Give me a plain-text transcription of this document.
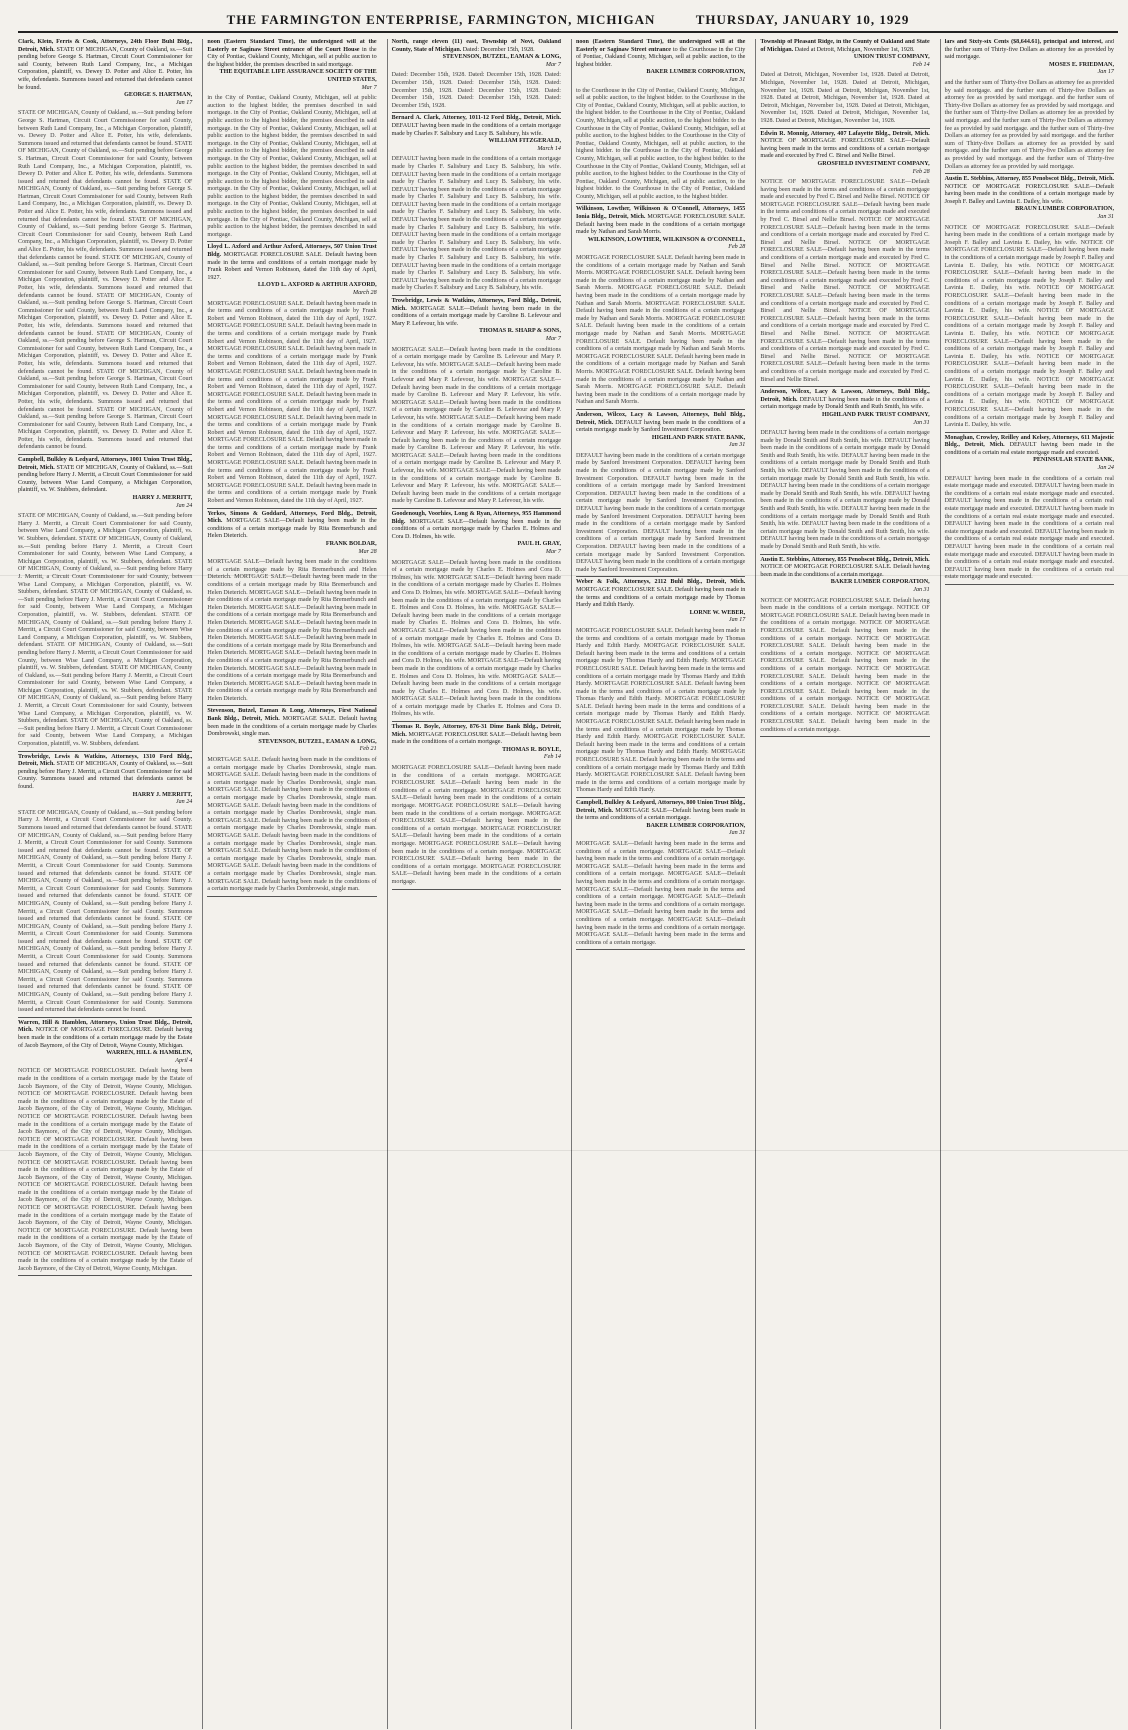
THE FARMINGTON ENTERPRISE, FARMINGTON, MICHIGAN	THURSDAY, JANUARY 10, 1929
Clark, Klein, Ferris & Cook, Attorneys, 24th Floor Buhl Bldg., Detroit, Mich. STATE OF MICHIGAN, County of Oakland, ss.—Suit pending before George S. Hartman, Circuit Court Commissioner for said County, between Ruth Land Company, Inc., a Michigan Corporation, plaintiff, vs. Dewey D. Potter and Alice E. Potter, his wife, defendants. Summons issued and returned that defendants cannot be found.
GEORGE S. HARTMAN,
Jan 17
STATE OF MICHIGAN, County of Oakland, ss.—Suit pending before George S. Hartman, Circuit Court Commissioner for said County, between Ruth Land Company, Inc., a Michigan Corporation, plaintiff, vs. Dewey D. Potter and Alice E. Potter, his wife, defendants. Summons issued and returned that defendants cannot be found. STATE OF MICHIGAN, County of Oakland, ss.—Suit pending before George S. Hartman, Circuit Court Commissioner for said County, between Ruth Land Company, Inc., a Michigan Corporation, plaintiff, vs. Dewey D. Potter and Alice E. Potter, his wife, defendants. Summons issued and returned that defendants cannot be found. STATE OF MICHIGAN, County of Oakland, ss.—Suit pending before George S. Hartman, Circuit Court Commissioner for said County, between Ruth Land Company, Inc., a Michigan Corporation, plaintiff, vs. Dewey D. Potter and Alice E. Potter, his wife, defendants. Summons issued and returned that defendants cannot be found. STATE OF MICHIGAN, County of Oakland, ss.—Suit pending before George S. Hartman, Circuit Court Commissioner for said County, between Ruth Land Company, Inc., a Michigan Corporation, plaintiff, vs. Dewey D. Potter and Alice E. Potter, his wife, defendants. Summons issued and returned that defendants cannot be found. STATE OF MICHIGAN, County of Oakland, ss.—Suit pending before George S. Hartman, Circuit Court Commissioner for said County, between Ruth Land Company, Inc., a Michigan Corporation, plaintiff, vs. Dewey D. Potter and Alice E. Potter, his wife, defendants. Summons issued and returned that defendants cannot be found. STATE OF MICHIGAN, County of Oakland, ss.—Suit pending before George S. Hartman, Circuit Court Commissioner for said County, between Ruth Land Company, Inc., a Michigan Corporation, plaintiff, vs. Dewey D. Potter and Alice E. Potter, his wife, defendants. Summons issued and returned that defendants cannot be found. STATE OF MICHIGAN, County of Oakland, ss.—Suit pending before George S. Hartman, Circuit Court Commissioner for said County, between Ruth Land Company, Inc., a Michigan Corporation, plaintiff, vs. Dewey D. Potter and Alice E. Potter, his wife, defendants. Summons issued and returned that defendants cannot be found. STATE OF MICHIGAN, County of Oakland, ss.—Suit pending before George S. Hartman, Circuit Court Commissioner for said County, between Ruth Land Company, Inc., a Michigan Corporation, plaintiff, vs. Dewey D. Potter and Alice E. Potter, his wife, defendants. Summons issued and returned that defendants cannot be found. STATE OF MICHIGAN, County of Oakland, ss.—Suit pending before George S. Hartman, Circuit Court Commissioner for said County, between Ruth Land Company, Inc., a Michigan Corporation, plaintiff, vs. Dewey D. Potter and Alice E. Potter, his wife, defendants. Summons issued and returned that defendants cannot be found.
Campbell, Bulkley & Ledyard, Attorneys, 1001 Union Trust Bldg., Detroit, Mich. STATE OF MICHIGAN, County of Oakland, ss.—Suit pending before Harry J. Merritt, a Circuit Court Commissioner for said County, between Wise Land Company, a Michigan Corporation, plaintiff, vs. W. Stubbers, defendant.
HARRY J. MERRITT,
Jan 24
STATE OF MICHIGAN, County of Oakland, ss.—Suit pending before Harry J. Merritt, a Circuit Court Commissioner for said County, between Wise Land Company, a Michigan Corporation, plaintiff, vs. W. Stubbers, defendant. STATE OF MICHIGAN, County of Oakland, ss.—Suit pending before Harry J. Merritt, a Circuit Court Commissioner for said County, between Wise Land Company, a Michigan Corporation, plaintiff, vs. W. Stubbers, defendant. STATE OF MICHIGAN, County of Oakland, ss.—Suit pending before Harry J. Merritt, a Circuit Court Commissioner for said County, between Wise Land Company, a Michigan Corporation, plaintiff, vs. W. Stubbers, defendant. STATE OF MICHIGAN, County of Oakland, ss.—Suit pending before Harry J. Merritt, a Circuit Court Commissioner for said County, between Wise Land Company, a Michigan Corporation, plaintiff, vs. W. Stubbers, defendant. STATE OF MICHIGAN, County of Oakland, ss.—Suit pending before Harry J. Merritt, a Circuit Court Commissioner for said County, between Wise Land Company, a Michigan Corporation, plaintiff, vs. W. Stubbers, defendant. STATE OF MICHIGAN, County of Oakland, ss.—Suit pending before Harry J. Merritt, a Circuit Court Commissioner for said County, between Wise Land Company, a Michigan Corporation, plaintiff, vs. W. Stubbers, defendant. STATE OF MICHIGAN, County of Oakland, ss.—Suit pending before Harry J. Merritt, a Circuit Court Commissioner for said County, between Wise Land Company, a Michigan Corporation, plaintiff, vs. W. Stubbers, defendant. STATE OF MICHIGAN, County of Oakland, ss.—Suit pending before Harry J. Merritt, a Circuit Court Commissioner for said County, between Wise Land Company, a Michigan Corporation, plaintiff, vs. W. Stubbers, defendant. STATE OF MICHIGAN, County of Oakland, ss.—Suit pending before Harry J. Merritt, a Circuit Court Commissioner for said County, between Wise Land Company, a Michigan Corporation, plaintiff, vs. W. Stubbers, defendant.
Trowbridge, Lewis & Watkins, Attorneys, 1310 Ford Bldg., Detroit, Mich. STATE OF MICHIGAN, County of Oakland, ss.—Suit pending before Harry J. Merritt, a Circuit Court Commissioner for said County. Summons issued and returned that defendants cannot be found.
HARRY J. MERRITT,
Jan 24
STATE OF MICHIGAN, County of Oakland, ss.—Suit pending before Harry J. Merritt, a Circuit Court Commissioner for said County. Summons issued and returned that defendants cannot be found. STATE OF MICHIGAN, County of Oakland, ss.—Suit pending before Harry J. Merritt, a Circuit Court Commissioner for said County. Summons issued and returned that defendants cannot be found. STATE OF MICHIGAN, County of Oakland, ss.—Suit pending before Harry J. Merritt, a Circuit Court Commissioner for said County. Summons issued and returned that defendants cannot be found. STATE OF MICHIGAN, County of Oakland, ss.—Suit pending before Harry J. Merritt, a Circuit Court Commissioner for said County. Summons issued and returned that defendants cannot be found. STATE OF MICHIGAN, County of Oakland, ss.—Suit pending before Harry J. Merritt, a Circuit Court Commissioner for said County. Summons issued and returned that defendants cannot be found. STATE OF MICHIGAN, County of Oakland, ss.—Suit pending before Harry J. Merritt, a Circuit Court Commissioner for said County. Summons issued and returned that defendants cannot be found. STATE OF MICHIGAN, County of Oakland, ss.—Suit pending before Harry J. Merritt, a Circuit Court Commissioner for said County. Summons issued and returned that defendants cannot be found. STATE OF MICHIGAN, County of Oakland, ss.—Suit pending before Harry J. Merritt, a Circuit Court Commissioner for said County. Summons issued and returned that defendants cannot be found. STATE OF MICHIGAN, County of Oakland, ss.—Suit pending before Harry J. Merritt, a Circuit Court Commissioner for said County. Summons issued and returned that defendants cannot be found.
Warren, Hill & Hamblen, Attorneys, Union Trust Bldg., Detroit, Mich. NOTICE OF MORTGAGE FORECLOSURE. Default having been made in the conditions of a certain mortgage made by the Estate of Jacob Baymore, of the City of Detroit, Wayne County, Michigan.
WARREN, HILL & HAMBLEN,
April 4
NOTICE OF MORTGAGE FORECLOSURE. Default having been made in the conditions of a certain mortgage made by the Estate of Jacob Baymore, of the City of Detroit, Wayne County, Michigan. NOTICE OF MORTGAGE FORECLOSURE. Default having been made in the conditions of a certain mortgage made by the Estate of Jacob Baymore, of the City of Detroit, Wayne County, Michigan. NOTICE OF MORTGAGE FORECLOSURE. Default having been made in the conditions of a certain mortgage made by the Estate of Jacob Baymore, of the City of Detroit, Wayne County, Michigan. NOTICE OF MORTGAGE FORECLOSURE. Default having been made in the conditions of a certain mortgage made by the Estate of Jacob Baymore, of the City of Detroit, Wayne County, Michigan. NOTICE OF MORTGAGE FORECLOSURE. Default having been made in the conditions of a certain mortgage made by the Estate of Jacob Baymore, of the City of Detroit, Wayne County, Michigan. NOTICE OF MORTGAGE FORECLOSURE. Default having been made in the conditions of a certain mortgage made by the Estate of Jacob Baymore, of the City of Detroit, Wayne County, Michigan. NOTICE OF MORTGAGE FORECLOSURE. Default having been made in the conditions of a certain mortgage made by the Estate of Jacob Baymore, of the City of Detroit, Wayne County, Michigan. NOTICE OF MORTGAGE FORECLOSURE. Default having been made in the conditions of a certain mortgage made by the Estate of Jacob Baymore, of the City of Detroit, Wayne County, Michigan. NOTICE OF MORTGAGE FORECLOSURE. Default having been made in the conditions of a certain mortgage made by the Estate of Jacob Baymore, of the City of Detroit, Wayne County, Michigan.
noon (Eastern Standard Time), the undersigned will at the Easterly or Saginaw Street entrance of the Court House in the City of Pontiac, Oakland County, Michigan, sell at public auction to the highest bidder, the premises described in said mortgage.
THE EQUITABLE LIFE ASSURANCE SOCIETY OF THE UNITED STATES,
Mar 7
in the City of Pontiac, Oakland County, Michigan, sell at public auction to the highest bidder, the premises described in said mortgage. in the City of Pontiac, Oakland County, Michigan, sell at public auction to the highest bidder, the premises described in said mortgage. in the City of Pontiac, Oakland County, Michigan, sell at public auction to the highest bidder, the premises described in said mortgage. in the City of Pontiac, Oakland County, Michigan, sell at public auction to the highest bidder, the premises described in said mortgage. in the City of Pontiac, Oakland County, Michigan, sell at public auction to the highest bidder, the premises described in said mortgage. in the City of Pontiac, Oakland County, Michigan, sell at public auction to the highest bidder, the premises described in said mortgage. in the City of Pontiac, Oakland County, Michigan, sell at public auction to the highest bidder, the premises described in said mortgage. in the City of Pontiac, Oakland County, Michigan, sell at public auction to the highest bidder, the premises described in said mortgage. in the City of Pontiac, Oakland County, Michigan, sell at public auction to the highest bidder, the premises described in said mortgage.
Lloyd L. Axford and Arthur Axford, Attorneys, 507 Union Trust Bldg. MORTGAGE FORECLOSURE SALE. Default having been made in the terms and conditions of a certain mortgage made by Frank Robert and Vernon Robinson, dated the 11th day of April, 1927.
LLOYD L. AXFORD & ARTHUR AXFORD,
March 28
MORTGAGE FORECLOSURE SALE. Default having been made in the terms and conditions of a certain mortgage made by Frank Robert and Vernon Robinson, dated the 11th day of April, 1927. MORTGAGE FORECLOSURE SALE. Default having been made in the terms and conditions of a certain mortgage made by Frank Robert and Vernon Robinson, dated the 11th day of April, 1927. MORTGAGE FORECLOSURE SALE. Default having been made in the terms and conditions of a certain mortgage made by Frank Robert and Vernon Robinson, dated the 11th day of April, 1927. MORTGAGE FORECLOSURE SALE. Default having been made in the terms and conditions of a certain mortgage made by Frank Robert and Vernon Robinson, dated the 11th day of April, 1927. MORTGAGE FORECLOSURE SALE. Default having been made in the terms and conditions of a certain mortgage made by Frank Robert and Vernon Robinson, dated the 11th day of April, 1927. MORTGAGE FORECLOSURE SALE. Default having been made in the terms and conditions of a certain mortgage made by Frank Robert and Vernon Robinson, dated the 11th day of April, 1927. MORTGAGE FORECLOSURE SALE. Default having been made in the terms and conditions of a certain mortgage made by Frank Robert and Vernon Robinson, dated the 11th day of April, 1927. MORTGAGE FORECLOSURE SALE. Default having been made in the terms and conditions of a certain mortgage made by Frank Robert and Vernon Robinson, dated the 11th day of April, 1927. MORTGAGE FORECLOSURE SALE. Default having been made in the terms and conditions of a certain mortgage made by Frank Robert and Vernon Robinson, dated the 11th day of April, 1927.
Yerkes, Simons & Goddard, Attorneys, Ford Bldg., Detroit, Mich. MORTGAGE SALE—Default having been made in the conditions of a certain mortgage made by Rita Bremerbunch and Helen Dieterich.
FRANK BOLDAR,
Mar 28
MORTGAGE SALE—Default having been made in the conditions of a certain mortgage made by Rita Bremerbunch and Helen Dieterich. MORTGAGE SALE—Default having been made in the conditions of a certain mortgage made by Rita Bremerbunch and Helen Dieterich. MORTGAGE SALE—Default having been made in the conditions of a certain mortgage made by Rita Bremerbunch and Helen Dieterich. MORTGAGE SALE—Default having been made in the conditions of a certain mortgage made by Rita Bremerbunch and Helen Dieterich. MORTGAGE SALE—Default having been made in the conditions of a certain mortgage made by Rita Bremerbunch and Helen Dieterich. MORTGAGE SALE—Default having been made in the conditions of a certain mortgage made by Rita Bremerbunch and Helen Dieterich. MORTGAGE SALE—Default having been made in the conditions of a certain mortgage made by Rita Bremerbunch and Helen Dieterich. MORTGAGE SALE—Default having been made in the conditions of a certain mortgage made by Rita Bremerbunch and Helen Dieterich. MORTGAGE SALE—Default having been made in the conditions of a certain mortgage made by Rita Bremerbunch and Helen Dieterich.
Stevenson, Butzel, Eaman & Long, Attorneys, First National Bank Bldg., Detroit, Mich. MORTGAGE SALE. Default having been made in the conditions of a certain mortgage made by Charles Dombrowski, single man.
STEVENSON, BUTZEL, EAMAN & LONG,
Feb 21
MORTGAGE SALE. Default having been made in the conditions of a certain mortgage made by Charles Dombrowski, single man. MORTGAGE SALE. Default having been made in the conditions of a certain mortgage made by Charles Dombrowski, single man. MORTGAGE SALE. Default having been made in the conditions of a certain mortgage made by Charles Dombrowski, single man. MORTGAGE SALE. Default having been made in the conditions of a certain mortgage made by Charles Dombrowski, single man. MORTGAGE SALE. Default having been made in the conditions of a certain mortgage made by Charles Dombrowski, single man. MORTGAGE SALE. Default having been made in the conditions of a certain mortgage made by Charles Dombrowski, single man. MORTGAGE SALE. Default having been made in the conditions of a certain mortgage made by Charles Dombrowski, single man. MORTGAGE SALE. Default having been made in the conditions of a certain mortgage made by Charles Dombrowski, single man. MORTGAGE SALE. Default having been made in the conditions of a certain mortgage made by Charles Dombrowski, single man.
North, range eleven (11) east, Township of Novi, Oakland County, State of Michigan. Dated: December 15th, 1928.
STEVENSON, BUTZEL, EAMAN & LONG,
Mar 7
Dated: December 15th, 1928. Dated: December 15th, 1928. Dated: December 15th, 1928. Dated: December 15th, 1928. Dated: December 15th, 1928. Dated: December 15th, 1928. Dated: December 15th, 1928. Dated: December 15th, 1928. Dated: December 15th, 1928.
Bernard A. Clark, Attorney, 1011-12 Ford Bldg., Detroit, Mich. DEFAULT having been made in the conditions of a certain mortgage made by Charles F. Salisbury and Lucy B. Salisbury, his wife.
WILLIAM FITZGERALD,
March 14
DEFAULT having been made in the conditions of a certain mortgage made by Charles F. Salisbury and Lucy B. Salisbury, his wife. DEFAULT having been made in the conditions of a certain mortgage made by Charles F. Salisbury and Lucy B. Salisbury, his wife. DEFAULT having been made in the conditions of a certain mortgage made by Charles F. Salisbury and Lucy B. Salisbury, his wife. DEFAULT having been made in the conditions of a certain mortgage made by Charles F. Salisbury and Lucy B. Salisbury, his wife. DEFAULT having been made in the conditions of a certain mortgage made by Charles F. Salisbury and Lucy B. Salisbury, his wife. DEFAULT having been made in the conditions of a certain mortgage made by Charles F. Salisbury and Lucy B. Salisbury, his wife. DEFAULT having been made in the conditions of a certain mortgage made by Charles F. Salisbury and Lucy B. Salisbury, his wife. DEFAULT having been made in the conditions of a certain mortgage made by Charles F. Salisbury and Lucy B. Salisbury, his wife. DEFAULT having been made in the conditions of a certain mortgage made by Charles F. Salisbury and Lucy B. Salisbury, his wife.
Trowbridge, Lewis & Watkins, Attorneys, Ford Bldg., Detroit, Mich. MORTGAGE SALE—Default having been made in the conditions of a certain mortgage made by Caroline B. Lefevour and Mary P. Lefevour, his wife.
THOMAS R. SHARP & SONS,
Mar 7
MORTGAGE SALE—Default having been made in the conditions of a certain mortgage made by Caroline B. Lefevour and Mary P. Lefevour, his wife. MORTGAGE SALE—Default having been made in the conditions of a certain mortgage made by Caroline B. Lefevour and Mary P. Lefevour, his wife. MORTGAGE SALE—Default having been made in the conditions of a certain mortgage made by Caroline B. Lefevour and Mary P. Lefevour, his wife. MORTGAGE SALE—Default having been made in the conditions of a certain mortgage made by Caroline B. Lefevour and Mary P. Lefevour, his wife. MORTGAGE SALE—Default having been made in the conditions of a certain mortgage made by Caroline B. Lefevour and Mary P. Lefevour, his wife. MORTGAGE SALE—Default having been made in the conditions of a certain mortgage made by Caroline B. Lefevour and Mary P. Lefevour, his wife. MORTGAGE SALE—Default having been made in the conditions of a certain mortgage made by Caroline B. Lefevour and Mary P. Lefevour, his wife. MORTGAGE SALE—Default having been made in the conditions of a certain mortgage made by Caroline B. Lefevour and Mary P. Lefevour, his wife. MORTGAGE SALE—Default having been made in the conditions of a certain mortgage made by Caroline B. Lefevour and Mary P. Lefevour, his wife.
Goodenough, Voorhies, Long & Ryan, Attorneys, 955 Hammond Bldg. MORTGAGE SALE—Default having been made in the conditions of a certain mortgage made by Charles E. Holmes and Cora D. Holmes, his wife.
PAUL H. GRAY,
Mar 7
MORTGAGE SALE—Default having been made in the conditions of a certain mortgage made by Charles E. Holmes and Cora D. Holmes, his wife. MORTGAGE SALE—Default having been made in the conditions of a certain mortgage made by Charles E. Holmes and Cora D. Holmes, his wife. MORTGAGE SALE—Default having been made in the conditions of a certain mortgage made by Charles E. Holmes and Cora D. Holmes, his wife. MORTGAGE SALE—Default having been made in the conditions of a certain mortgage made by Charles E. Holmes and Cora D. Holmes, his wife. MORTGAGE SALE—Default having been made in the conditions of a certain mortgage made by Charles E. Holmes and Cora D. Holmes, his wife. MORTGAGE SALE—Default having been made in the conditions of a certain mortgage made by Charles E. Holmes and Cora D. Holmes, his wife. MORTGAGE SALE—Default having been made in the conditions of a certain mortgage made by Charles E. Holmes and Cora D. Holmes, his wife. MORTGAGE SALE—Default having been made in the conditions of a certain mortgage made by Charles E. Holmes and Cora D. Holmes, his wife. MORTGAGE SALE—Default having been made in the conditions of a certain mortgage made by Charles E. Holmes and Cora D. Holmes, his wife.
Thomas R. Boyle, Attorney, 876-31 Dime Bank Bldg., Detroit, Mich. MORTGAGE FORECLOSURE SALE—Default having been made in the conditions of a certain mortgage.
THOMAS R. BOYLE,
Feb 14
MORTGAGE FORECLOSURE SALE—Default having been made in the conditions of a certain mortgage. MORTGAGE FORECLOSURE SALE—Default having been made in the conditions of a certain mortgage. MORTGAGE FORECLOSURE SALE—Default having been made in the conditions of a certain mortgage. MORTGAGE FORECLOSURE SALE—Default having been made in the conditions of a certain mortgage. MORTGAGE FORECLOSURE SALE—Default having been made in the conditions of a certain mortgage. MORTGAGE FORECLOSURE SALE—Default having been made in the conditions of a certain mortgage. MORTGAGE FORECLOSURE SALE—Default having been made in the conditions of a certain mortgage. MORTGAGE FORECLOSURE SALE—Default having been made in the conditions of a certain mortgage. MORTGAGE FORECLOSURE SALE—Default having been made in the conditions of a certain mortgage.
noon (Eastern Standard Time), the undersigned will at the Easterly or Saginaw Street entrance to the Courthouse in the City of Pontiac, Oakland County, Michigan, sell at public auction, to the highest bidder.
BAKER LUMBER CORPORATION,
Jan 31
to the Courthouse in the City of Pontiac, Oakland County, Michigan, sell at public auction, to the highest bidder. to the Courthouse in the City of Pontiac, Oakland County, Michigan, sell at public auction, to the highest bidder. to the Courthouse in the City of Pontiac, Oakland County, Michigan, sell at public auction, to the highest bidder. to the Courthouse in the City of Pontiac, Oakland County, Michigan, sell at public auction, to the highest bidder. to the Courthouse in the City of Pontiac, Oakland County, Michigan, sell at public auction, to the highest bidder. to the Courthouse in the City of Pontiac, Oakland County, Michigan, sell at public auction, to the highest bidder. to the Courthouse in the City of Pontiac, Oakland County, Michigan, sell at public auction, to the highest bidder. to the Courthouse in the City of Pontiac, Oakland County, Michigan, sell at public auction, to the highest bidder. to the Courthouse in the City of Pontiac, Oakland County, Michigan, sell at public auction, to the highest bidder.
Wilkinson, Lowther, Wilkinson & O'Connell, Attorneys, 1455 Ionia Bldg., Detroit, Mich. MORTGAGE FORECLOSURE SALE. Default having been made in the conditions of a certain mortgage made by Nathan and Sarah Morris.
WILKINSON, LOWTHER, WILKINSON & O'CONNELL,
Feb 28
MORTGAGE FORECLOSURE SALE. Default having been made in the conditions of a certain mortgage made by Nathan and Sarah Morris. MORTGAGE FORECLOSURE SALE. Default having been made in the conditions of a certain mortgage made by Nathan and Sarah Morris. MORTGAGE FORECLOSURE SALE. Default having been made in the conditions of a certain mortgage made by Nathan and Sarah Morris. MORTGAGE FORECLOSURE SALE. Default having been made in the conditions of a certain mortgage made by Nathan and Sarah Morris. MORTGAGE FORECLOSURE SALE. Default having been made in the conditions of a certain mortgage made by Nathan and Sarah Morris. MORTGAGE FORECLOSURE SALE. Default having been made in the conditions of a certain mortgage made by Nathan and Sarah Morris. MORTGAGE FORECLOSURE SALE. Default having been made in the conditions of a certain mortgage made by Nathan and Sarah Morris. MORTGAGE FORECLOSURE SALE. Default having been made in the conditions of a certain mortgage made by Nathan and Sarah Morris. MORTGAGE FORECLOSURE SALE. Default having been made in the conditions of a certain mortgage made by Nathan and Sarah Morris.
Anderson, Wilcox, Lacy & Lawson, Attorneys, Buhl Bldg., Detroit, Mich. DEFAULT having been made in the conditions of a certain mortgage made by Sanford Investment Corporation.
HIGHLAND PARK STATE BANK,
Jan 31
DEFAULT having been made in the conditions of a certain mortgage made by Sanford Investment Corporation. DEFAULT having been made in the conditions of a certain mortgage made by Sanford Investment Corporation. DEFAULT having been made in the conditions of a certain mortgage made by Sanford Investment Corporation. DEFAULT having been made in the conditions of a certain mortgage made by Sanford Investment Corporation. DEFAULT having been made in the conditions of a certain mortgage made by Sanford Investment Corporation. DEFAULT having been made in the conditions of a certain mortgage made by Sanford Investment Corporation. DEFAULT having been made in the conditions of a certain mortgage made by Sanford Investment Corporation. DEFAULT having been made in the conditions of a certain mortgage made by Sanford Investment Corporation. DEFAULT having been made in the conditions of a certain mortgage made by Sanford Investment Corporation.
Weber & Folk, Attorneys, 2112 Buhl Bldg., Detroit, Mich. MORTGAGE FORECLOSURE SALE. Default having been made in the terms and conditions of a certain mortgage made by Thomas Hardy and Edith Hardy.
LORNE W. WEBER,
Jan 17
MORTGAGE FORECLOSURE SALE. Default having been made in the terms and conditions of a certain mortgage made by Thomas Hardy and Edith Hardy. MORTGAGE FORECLOSURE SALE. Default having been made in the terms and conditions of a certain mortgage made by Thomas Hardy and Edith Hardy. MORTGAGE FORECLOSURE SALE. Default having been made in the terms and conditions of a certain mortgage made by Thomas Hardy and Edith Hardy. MORTGAGE FORECLOSURE SALE. Default having been made in the terms and conditions of a certain mortgage made by Thomas Hardy and Edith Hardy. MORTGAGE FORECLOSURE SALE. Default having been made in the terms and conditions of a certain mortgage made by Thomas Hardy and Edith Hardy. MORTGAGE FORECLOSURE SALE. Default having been made in the terms and conditions of a certain mortgage made by Thomas Hardy and Edith Hardy. MORTGAGE FORECLOSURE SALE. Default having been made in the terms and conditions of a certain mortgage made by Thomas Hardy and Edith Hardy. MORTGAGE FORECLOSURE SALE. Default having been made in the terms and conditions of a certain mortgage made by Thomas Hardy and Edith Hardy. MORTGAGE FORECLOSURE SALE. Default having been made in the terms and conditions of a certain mortgage made by Thomas Hardy and Edith Hardy.
Campbell, Bulkley & Ledyard, Attorneys, 800 Union Trust Bldg., Detroit, Mich. MORTGAGE SALE—Default having been made in the terms and conditions of a certain mortgage.
BAKER LUMBER CORPORATION,
Jan 31
MORTGAGE SALE—Default having been made in the terms and conditions of a certain mortgage. MORTGAGE SALE—Default having been made in the terms and conditions of a certain mortgage. MORTGAGE SALE—Default having been made in the terms and conditions of a certain mortgage. MORTGAGE SALE—Default having been made in the terms and conditions of a certain mortgage. MORTGAGE SALE—Default having been made in the terms and conditions of a certain mortgage. MORTGAGE SALE—Default having been made in the terms and conditions of a certain mortgage. MORTGAGE SALE—Default having been made in the terms and conditions of a certain mortgage. MORTGAGE SALE—Default having been made in the terms and conditions of a certain mortgage. MORTGAGE SALE—Default having been made in the terms and conditions of a certain mortgage.
Township of Pleasant Ridge, in the County of Oakland and State of Michigan. Dated at Detroit, Michigan, November 1st, 1928.
UNION TRUST COMPANY,
Feb 14
Dated at Detroit, Michigan, November 1st, 1928. Dated at Detroit, Michigan, November 1st, 1928. Dated at Detroit, Michigan, November 1st, 1928. Dated at Detroit, Michigan, November 1st, 1928. Dated at Detroit, Michigan, November 1st, 1928. Dated at Detroit, Michigan, November 1st, 1928. Dated at Detroit, Michigan, November 1st, 1928. Dated at Detroit, Michigan, November 1st, 1928. Dated at Detroit, Michigan, November 1st, 1928.
Edwin R. Monnig, Attorney, 407 Lafayette Bldg., Detroit, Mich. NOTICE OF MORTGAGE FORECLOSURE SALE—Default having been made in the terms and conditions of a certain mortgage made and executed by Fred C. Birsel and Nellie Birsel.
GROSFIELD INVESTMENT COMPANY,
Feb 28
NOTICE OF MORTGAGE FORECLOSURE SALE—Default having been made in the terms and conditions of a certain mortgage made and executed by Fred C. Birsel and Nellie Birsel. NOTICE OF MORTGAGE FORECLOSURE SALE—Default having been made in the terms and conditions of a certain mortgage made and executed by Fred C. Birsel and Nellie Birsel. NOTICE OF MORTGAGE FORECLOSURE SALE—Default having been made in the terms and conditions of a certain mortgage made and executed by Fred C. Birsel and Nellie Birsel. NOTICE OF MORTGAGE FORECLOSURE SALE—Default having been made in the terms and conditions of a certain mortgage made and executed by Fred C. Birsel and Nellie Birsel. NOTICE OF MORTGAGE FORECLOSURE SALE—Default having been made in the terms and conditions of a certain mortgage made and executed by Fred C. Birsel and Nellie Birsel. NOTICE OF MORTGAGE FORECLOSURE SALE—Default having been made in the terms and conditions of a certain mortgage made and executed by Fred C. Birsel and Nellie Birsel. NOTICE OF MORTGAGE FORECLOSURE SALE—Default having been made in the terms and conditions of a certain mortgage made and executed by Fred C. Birsel and Nellie Birsel. NOTICE OF MORTGAGE FORECLOSURE SALE—Default having been made in the terms and conditions of a certain mortgage made and executed by Fred C. Birsel and Nellie Birsel. NOTICE OF MORTGAGE FORECLOSURE SALE—Default having been made in the terms and conditions of a certain mortgage made and executed by Fred C. Birsel and Nellie Birsel.
Anderson, Wilcox, Lacy & Lawson, Attorneys, Buhl Bldg., Detroit, Mich. DEFAULT having been made in the conditions of a certain mortgage made by Donald Smith and Ruth Smith, his wife.
HIGHLAND PARK TRUST COMPANY,
Jan 31
DEFAULT having been made in the conditions of a certain mortgage made by Donald Smith and Ruth Smith, his wife. DEFAULT having been made in the conditions of a certain mortgage made by Donald Smith and Ruth Smith, his wife. DEFAULT having been made in the conditions of a certain mortgage made by Donald Smith and Ruth Smith, his wife. DEFAULT having been made in the conditions of a certain mortgage made by Donald Smith and Ruth Smith, his wife. DEFAULT having been made in the conditions of a certain mortgage made by Donald Smith and Ruth Smith, his wife. DEFAULT having been made in the conditions of a certain mortgage made by Donald Smith and Ruth Smith, his wife. DEFAULT having been made in the conditions of a certain mortgage made by Donald Smith and Ruth Smith, his wife. DEFAULT having been made in the conditions of a certain mortgage made by Donald Smith and Ruth Smith, his wife. DEFAULT having been made in the conditions of a certain mortgage made by Donald Smith and Ruth Smith, his wife.
Austin E. Stebbins, Attorney, 855 Penobscot Bldg., Detroit, Mich. NOTICE OF MORTGAGE FORECLOSURE SALE. Default having been made in the conditions of a certain mortgage.
BAKER LUMBER CORPORATION,
Jan 31
NOTICE OF MORTGAGE FORECLOSURE SALE. Default having been made in the conditions of a certain mortgage. NOTICE OF MORTGAGE FORECLOSURE SALE. Default having been made in the conditions of a certain mortgage. NOTICE OF MORTGAGE FORECLOSURE SALE. Default having been made in the conditions of a certain mortgage. NOTICE OF MORTGAGE FORECLOSURE SALE. Default having been made in the conditions of a certain mortgage. NOTICE OF MORTGAGE FORECLOSURE SALE. Default having been made in the conditions of a certain mortgage. NOTICE OF MORTGAGE FORECLOSURE SALE. Default having been made in the conditions of a certain mortgage. NOTICE OF MORTGAGE FORECLOSURE SALE. Default having been made in the conditions of a certain mortgage. NOTICE OF MORTGAGE FORECLOSURE SALE. Default having been made in the conditions of a certain mortgage. NOTICE OF MORTGAGE FORECLOSURE SALE. Default having been made in the conditions of a certain mortgage.
lars and Sixty-six Cents ($8,644.61), principal and interest, and the further sum of Thirty-five Dollars as attorney fee as provided by said mortgage.
MOSES E. FRIEDMAN,
Jan 17
and the further sum of Thirty-five Dollars as attorney fee as provided by said mortgage. and the further sum of Thirty-five Dollars as attorney fee as provided by said mortgage. and the further sum of Thirty-five Dollars as attorney fee as provided by said mortgage. and the further sum of Thirty-five Dollars as attorney fee as provided by said mortgage. and the further sum of Thirty-five Dollars as attorney fee as provided by said mortgage. and the further sum of Thirty-five Dollars as attorney fee as provided by said mortgage. and the further sum of Thirty-five Dollars as attorney fee as provided by said mortgage. and the further sum of Thirty-five Dollars as attorney fee as provided by said mortgage. and the further sum of Thirty-five Dollars as attorney fee as provided by said mortgage.
Austin E. Stebbins, Attorney, 855 Penobscot Bldg., Detroit, Mich. NOTICE OF MORTGAGE FORECLOSURE SALE—Default having been made in the conditions of a certain mortgage made by Joseph F. Balley and Lavinia E. Dailey, his wife.
BRAUN LUMBER CORPORATION,
Jan 31
NOTICE OF MORTGAGE FORECLOSURE SALE—Default having been made in the conditions of a certain mortgage made by Joseph F. Balley and Lavinia E. Dailey, his wife. NOTICE OF MORTGAGE FORECLOSURE SALE—Default having been made in the conditions of a certain mortgage made by Joseph F. Balley and Lavinia E. Dailey, his wife. NOTICE OF MORTGAGE FORECLOSURE SALE—Default having been made in the conditions of a certain mortgage made by Joseph F. Balley and Lavinia E. Dailey, his wife. NOTICE OF MORTGAGE FORECLOSURE SALE—Default having been made in the conditions of a certain mortgage made by Joseph F. Balley and Lavinia E. Dailey, his wife. NOTICE OF MORTGAGE FORECLOSURE SALE—Default having been made in the conditions of a certain mortgage made by Joseph F. Balley and Lavinia E. Dailey, his wife. NOTICE OF MORTGAGE FORECLOSURE SALE—Default having been made in the conditions of a certain mortgage made by Joseph F. Balley and Lavinia E. Dailey, his wife. NOTICE OF MORTGAGE FORECLOSURE SALE—Default having been made in the conditions of a certain mortgage made by Joseph F. Balley and Lavinia E. Dailey, his wife. NOTICE OF MORTGAGE FORECLOSURE SALE—Default having been made in the conditions of a certain mortgage made by Joseph F. Balley and Lavinia E. Dailey, his wife. NOTICE OF MORTGAGE FORECLOSURE SALE—Default having been made in the conditions of a certain mortgage made by Joseph F. Balley and Lavinia E. Dailey, his wife.
Monaghan, Crowley, Reilley and Kelsey, Attorneys, 611 Majestic Bldg., Detroit, Mich. DEFAULT having been made in the conditions of a certain real estate mortgage made and executed.
PENINSULAR STATE BANK,
Jan 24
DEFAULT having been made in the conditions of a certain real estate mortgage made and executed. DEFAULT having been made in the conditions of a certain real estate mortgage made and executed. DEFAULT having been made in the conditions of a certain real estate mortgage made and executed. DEFAULT having been made in the conditions of a certain real estate mortgage made and executed. DEFAULT having been made in the conditions of a certain real estate mortgage made and executed. DEFAULT having been made in the conditions of a certain real estate mortgage made and executed. DEFAULT having been made in the conditions of a certain real estate mortgage made and executed. DEFAULT having been made in the conditions of a certain real estate mortgage made and executed. DEFAULT having been made in the conditions of a certain real estate mortgage made and executed.
